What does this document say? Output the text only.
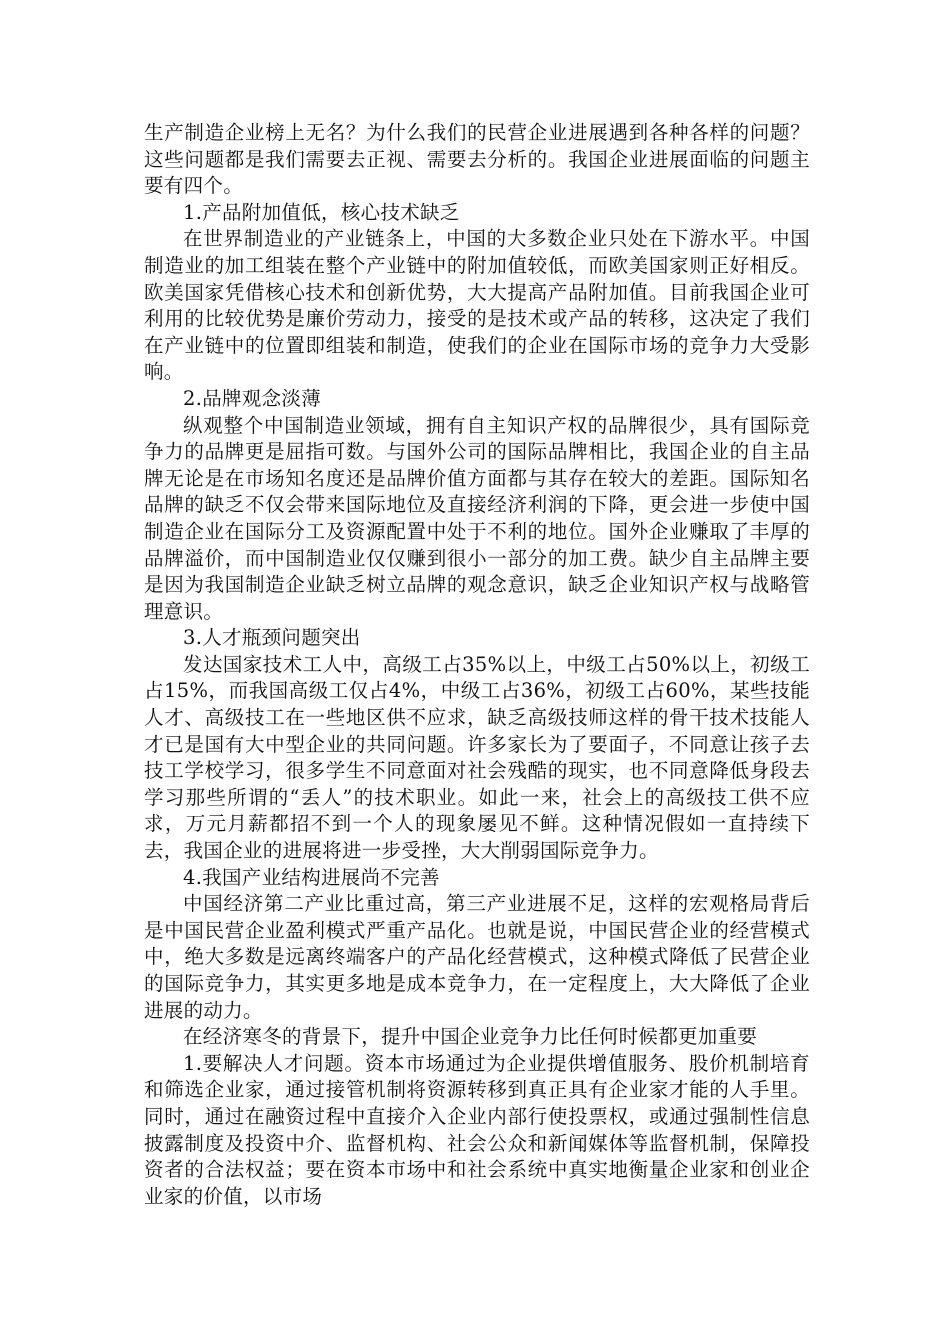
生产制造企业榜上无名？为什么我们的民营企业进展遇到各种各样的问题？这些问题都是我们需要去正视、需要去分析的。我国企业进展面临的问题主要有四个。

1.产品附加值低，核心技术缺乏

在世界制造业的产业链条上，中国的大多数企业只处在下游水平。中国制造业的加工组装在整个产业链中的附加值较低，而欧美国家则正好相反。欧美国家凭借核心技术和创新优势，大大提高产品附加值。目前我国企业可利用的比较优势是廉价劳动力，接受的是技术或产品的转移，这决定了我们在产业链中的位置即组装和制造，使我们的企业在国际市场的竞争力大受影响。

2.品牌观念淡薄

纵观整个中国制造业领域，拥有自主知识产权的品牌很少，具有国际竞争力的品牌更是屈指可数。与国外公司的国际品牌相比，我国企业的自主品牌无论是在市场知名度还是品牌价值方面都与其存在较大的差距。国际知名品牌的缺乏不仅会带来国际地位及直接经济利润的下降，更会进一步使中国制造企业在国际分工及资源配置中处于不利的地位。国外企业赚取了丰厚的品牌溢价，而中国制造业仅仅赚到很小一部分的加工费。缺少自主品牌主要是因为我国制造企业缺乏树立品牌的观念意识，缺乏企业知识产权与战略管理意识。

3.人才瓶颈问题突出

发达国家技术工人中，高级工占35%以上，中级工占50%以上，初级工占15%，而我国高级工仅占4%，中级工占36%，初级工占60%，某些技能人才、高级技工在一些地区供不应求，缺乏高级技师这样的骨干技术技能人才已是国有大中型企业的共同问题。许多家长为了要面子，不同意让孩子去技工学校学习，很多学生不同意面对社会残酷的现实，也不同意降低身段去学习那些所谓的“丢人”的技术职业。如此一来，社会上的高级技工供不应求，万元月薪都招不到一个人的现象屡见不鲜。这种情况假如一直持续下去，我国企业的进展将进一步受挫，大大削弱国际竞争力。

4.我国产业结构进展尚不完善

中国经济第二产业比重过高，第三产业进展不足，这样的宏观格局背后是中国民营企业盈利模式严重产品化。也就是说，中国民营企业的经营模式中，绝大多数是远离终端客户的产品化经营模式，这种模式降低了民营企业的国际竞争力，其实更多地是成本竞争力，在一定程度上，大大降低了企业进展的动力。

在经济寒冬的背景下，提升中国企业竞争力比任何时候都更加重要

1.要解决人才问题。资本市场通过为企业提供增值服务、股价机制培育和筛选企业家，通过接管机制将资源转移到真正具有企业家才能的人手里。同时，通过在融资过程中直接介入企业内部行使投票权，或通过强制性信息披露制度及投资中介、监督机构、社会公众和新闻媒体等监督机制，保障投资者的合法权益；要在资本市场中和社会系统中真实地衡量企业家和创业企业家的价值，以市场
